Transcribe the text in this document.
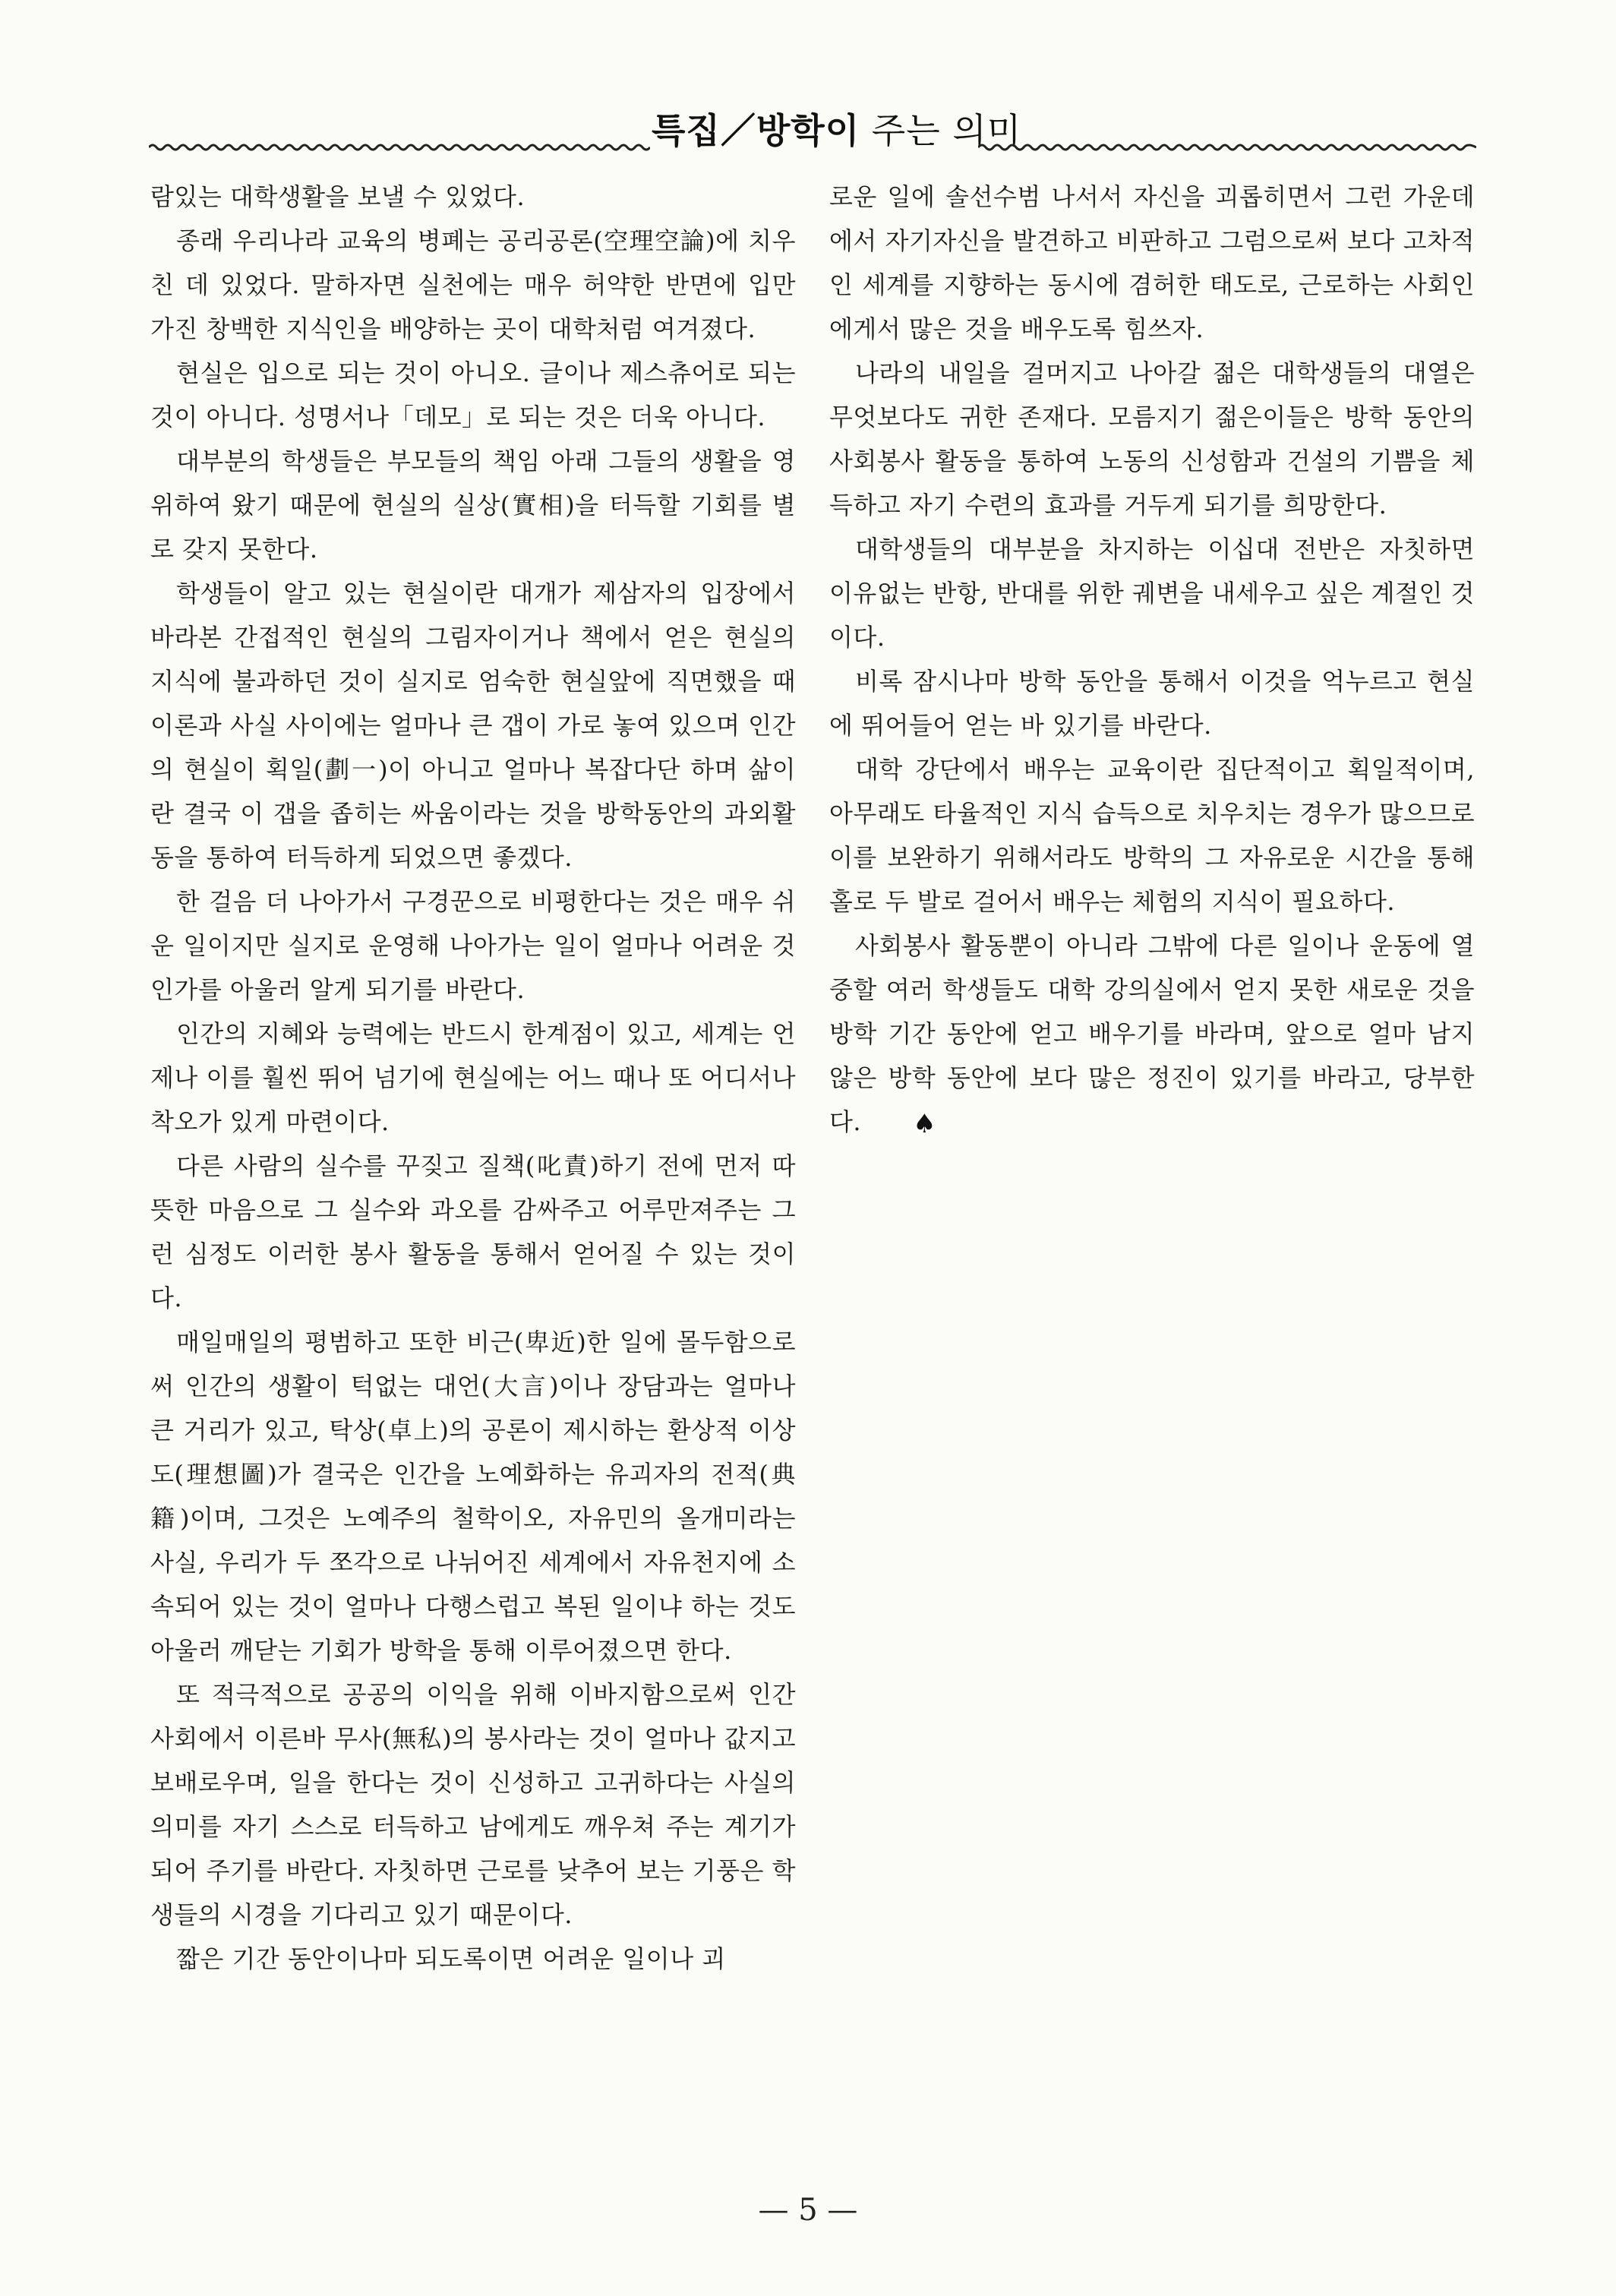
특집／방학이 주는 의미

람있는 대학생활을 보낼 수 있었다.

종래 우리나라 교육의 병폐는 공리공론(空理空論)에 치우친 데 있었다. 말하자면 실천에는 매우 허약한 반면에 입만 가진 창백한 지식인을 배양하는 곳이 대학처럼 여겨졌다.

현실은 입으로 되는 것이 아니오. 글이나 제스츄어로 되는 것이 아니다. 성명서나「데모」로 되는 것은 더욱 아니다.

대부분의 학생들은 부모들의 책임 아래 그들의 생활을 영위하여 왔기 때문에 현실의 실상(實相)을 터득할 기회를 별로 갖지 못한다.

학생들이 알고 있는 현실이란 대개가 제삼자의 입장에서 바라본 간접적인 현실의 그림자이거나 책에서 얻은 현실의 지식에 불과하던 것이 실지로 엄숙한 현실앞에 직면했을 때 이론과 사실 사이에는 얼마나 큰 갭이 가로 놓여 있으며 인간의 현실이 획일(劃一)이 아니고 얼마나 복잡다단 하며 삶이란 결국 이 갭을 좁히는 싸움이라는 것을 방학동안의 과외활동을 통하여 터득하게 되었으면 좋겠다.

한 걸음 더 나아가서 구경꾼으로 비평한다는 것은 매우 쉬운 일이지만 실지로 운영해 나아가는 일이 얼마나 어려운 것인가를 아울러 알게 되기를 바란다.

인간의 지혜와 능력에는 반드시 한계점이 있고, 세계는 언제나 이를 훨씬 뛰어 넘기에 현실에는 어느 때나 또 어디서나 착오가 있게 마련이다.

다른 사람의 실수를 꾸짖고 질책(叱責)하기 전에 먼저 따뜻한 마음으로 그 실수와 과오를 감싸주고 어루만져주는 그런 심정도 이러한 봉사 활동을 통해서 얻어질 수 있는 것이다.

매일매일의 평범하고 또한 비근(卑近)한 일에 몰두함으로써 인간의 생활이 턱없는 대언(大言)이나 장담과는 얼마나 큰 거리가 있고, 탁상(卓上)의 공론이 제시하는 환상적 이상도(理想圖)가 결국은 인간을 노예화하는 유괴자의 전적(典籍)이며, 그것은 노예주의 철학이오, 자유민의 올개미라는 사실, 우리가 두 쪼각으로 나뉘어진 세계에서 자유천지에 소속되어 있는 것이 얼마나 다행스럽고 복된 일이냐 하는 것도 아울러 깨닫는 기회가 방학을 통해 이루어졌으면 한다.

또 적극적으로 공공의 이익을 위해 이바지함으로써 인간 사회에서 이른바 무사(無私)의 봉사라는 것이 얼마나 값지고 보배로우며, 일을 한다는 것이 신성하고 고귀하다는 사실의 의미를 자기 스스로 터득하고 남에게도 깨우쳐 주는 계기가 되어 주기를 바란다. 자칫하면 근로를 낮추어 보는 기풍은 학생들의 시경을 기다리고 있기 때문이다.

짧은 기간 동안이나마 되도록이면 어려운 일이나 괴

로운 일에 솔선수범 나서서 자신을 괴롭히면서 그런 가운데에서 자기자신을 발견하고 비판하고 그럼으로써 보다 고차적인 세계를 지향하는 동시에 겸허한 태도로, 근로하는 사회인에게서 많은 것을 배우도록 힘쓰자.

나라의 내일을 걸머지고 나아갈 젊은 대학생들의 대열은 무엇보다도 귀한 존재다. 모름지기 젊은이들은 방학 동안의 사회봉사 활동을 통하여 노동의 신성함과 건설의 기쁨을 체득하고 자기 수련의 효과를 거두게 되기를 희망한다.

대학생들의 대부분을 차지하는 이십대 전반은 자칫하면 이유없는 반항, 반대를 위한 궤변을 내세우고 싶은 계절인 것이다.

비록 잠시나마 방학 동안을 통해서 이것을 억누르고 현실에 뛰어들어 얻는 바 있기를 바란다.

대학 강단에서 배우는 교육이란 집단적이고 획일적이며, 아무래도 타율적인 지식 습득으로 치우치는 경우가 많으므로 이를 보완하기 위해서라도 방학의 그 자유로운 시간을 통해 홀로 두 발로 걸어서 배우는 체험의 지식이 필요하다.

사회봉사 활동뿐이 아니라 그밖에 다른 일이나 운동에 열중할 여러 학생들도 대학 강의실에서 얻지 못한 새로운 것을 방학 기간 동안에 얻고 배우기를 바라며, 앞으로 얼마 남지 않은 방학 동안에 보다 많은 정진이 있기를 바라고, 당부한다. ♠

— 5 —
